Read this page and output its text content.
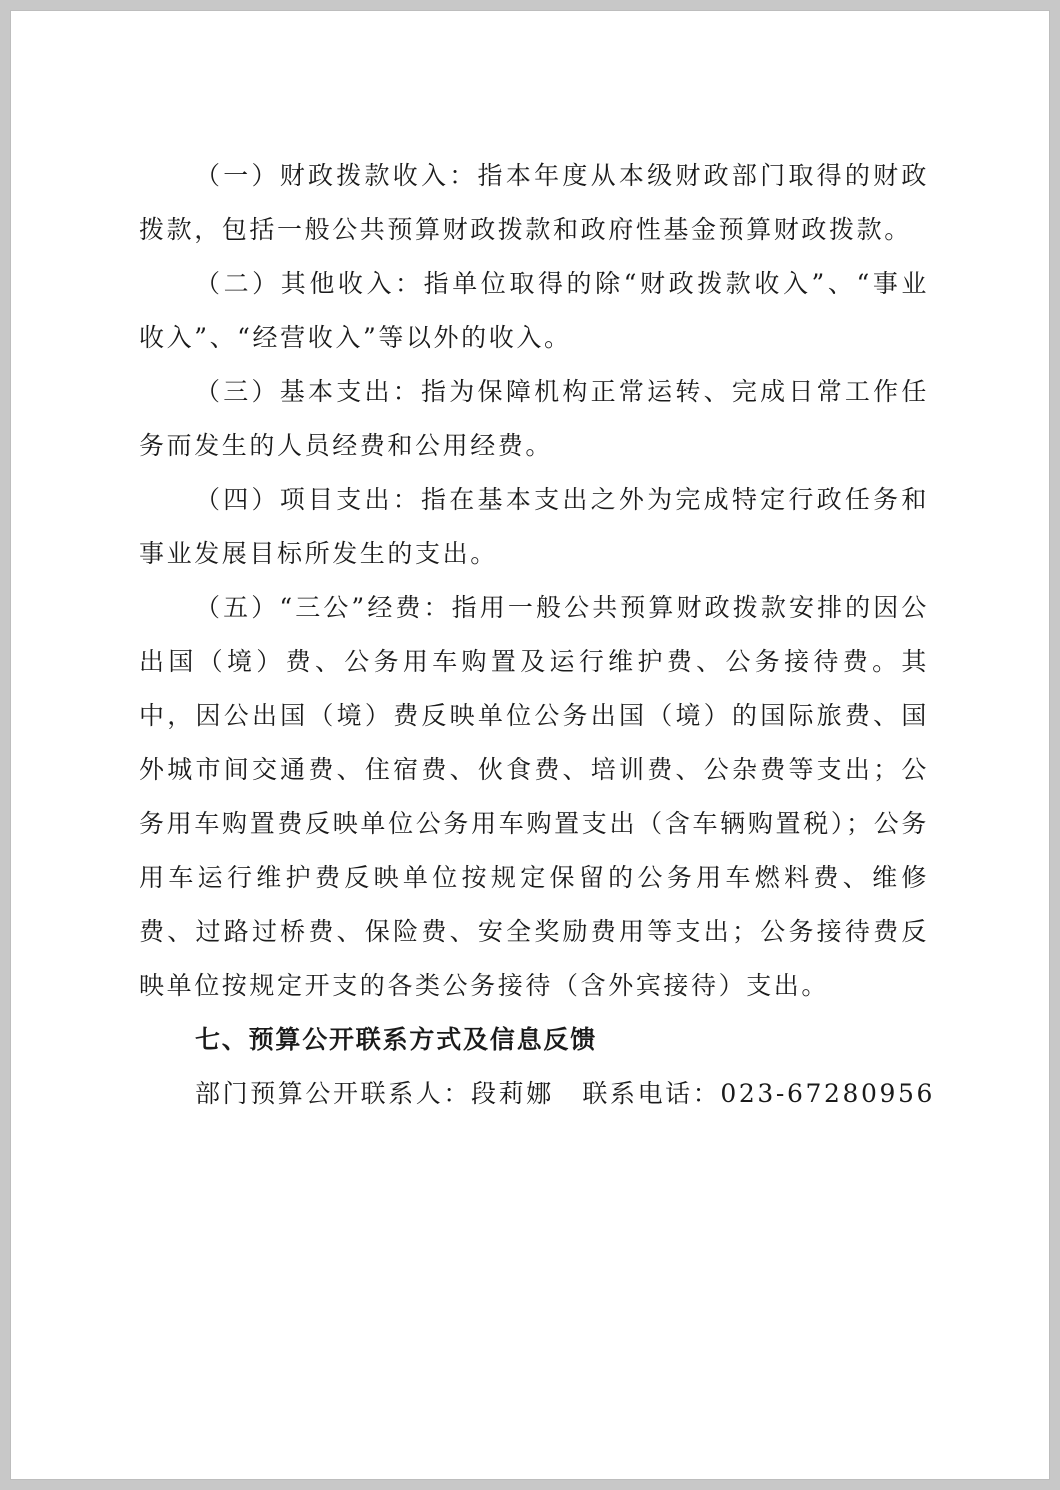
（一）财政拨款收入：指本年度从本级财政部门取得的财政拨款，包括一般公共预算财政拨款和政府性基金预算财政拨款。

（二）其他收入：指单位取得的除“财政拨款收入”、“事业收入”、“经营收入”等以外的收入。

（三）基本支出：指为保障机构正常运转、完成日常工作任务而发生的人员经费和公用经费。

（四）项目支出：指在基本支出之外为完成特定行政任务和事业发展目标所发生的支出。

（五）“三公”经费：指用一般公共预算财政拨款安排的因公出国（境）费、公务用车购置及运行维护费、公务接待费。其中，因公出国（境）费反映单位公务出国（境）的国际旅费、国外城市间交通费、住宿费、伙食费、培训费、公杂费等支出；公务用车购置费反映单位公务用车购置支出（含车辆购置税）；公务用车运行维护费反映单位按规定保留的公务用车燃料费、维修费、过路过桥费、保险费、安全奖励费用等支出；公务接待费反映单位按规定开支的各类公务接待（含外宾接待）支出。

七、预算公开联系方式及信息反馈

部门预算公开联系人：段莉娜 联系电话：023-67280956
